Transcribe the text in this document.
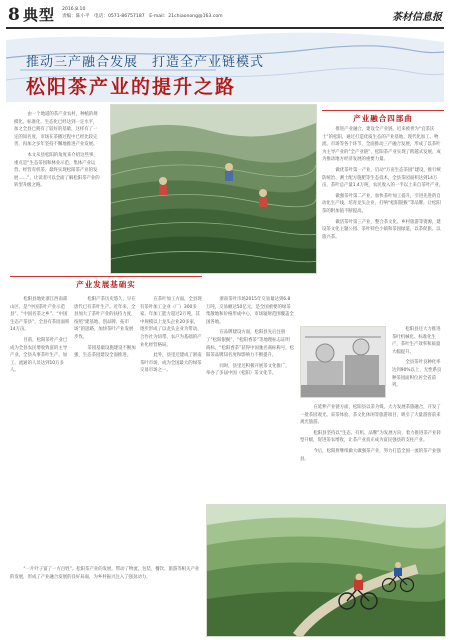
8 典型 2016.8.10
责编：陈小平　电话：0571-86757187　E-mail：21chiaonong@163.com	茶材信息报
推动三产融合发展　打造全产业链模式
松阳茶产业的提升之路

　由一个地道的茶产业农村，种植的规模化、标准化、生态化已经达到一定水平，加之全县已拥有了较好的基础，这样有了一定的知名度，市场在茶播过程中已经比较完善，再加之多年坚持不懈地推进产业发展。

　本文从县松阳的角度来介绍这些事，重点是“生态茶园和林业示范、集体产业运营、经营有机茶，最终实现松阳茶产业的发展……”，让读者可以全面了解松阳茶产业的转型升级之路。

产业融合四部曲

　推进产业融合，建设全产业链。近来被誉为“宜茶沃土”的松阳，通过打造优质生态的产业基地、现代化加工、物流、市场等各个环节，全面推动三产融合发展，形成了以茶叶为主导产业的“全产业链”，松阳茶产业实现了跨越式发展，成为推动地方经济发展的重要力量。

　做优茶叶第一产业，启动“万亩生态茶园”建设，推行统防统治、测土配方施肥等生态技术，全县茶园面积达到14万亩，茶叶总产量1.4万吨，农民收入的一半以上来自茶叶产业。

　做强茶叶第二产业，加快茶叶加工提升，引进先进的自动化生产线，培育龙头企业，打响“松阳银猴”等品牌，让松阳茶的附加值不断提高。

　做活茶叶第三产业，整合茶文化、乡村旅游等资源，建设茶文化主题公园、茶叶特色小镇和茶园绿道，以茶促旅、以旅兴茶。

产业发展基础实

　松阳县地处浙江西南部山区，是“中国茶叶产业示范县”、“中国名茶之乡”、“中国生态产茶县”，全县有茶园面积14万亩。

　目前，松阳茶叶产业已成为全县农民增收致富的主导产业，全县从事茶叶生产、加工、流通的人员达到10万多人。

　松阳产茶历史悠久，早在唐代已有茶叶生产。近年来，全县加大了茶叶产业的扶持力度，按照“建基地、创品牌、拓市场”的思路，加快茶叶产业发展步伐。

　茶园基础设施建设不断加强，生态茶园建设全面推进。

　在茶叶加工方面，全县现有茶叶加工企业（厂）300多家，年加工能力超过2万吨，其中规模以上龙头企业20多家，逐步形成了以龙头企业为带动、合作社为纽带、农户为基础的产业化经营格局。

　此外，县里还建成了浙南茶叶市场，成为全国最大的绿茶交易市场之一。

　浙南茶叶市场2015年交易量达到6.8万吨，交易额达50亿元，是全国重要的绿茶集散地和价格形成中心，市场辐射范围覆盖全国各地。

　在品牌建设方面，松阳县先后注册了“松阳银猴”、“松阳香茶”等地理标志证明商标，“松阳香茶”获得中国驰名商标称号，松阳茶品牌知名度和影响力不断提升。

　同时，县里还积极开展茶文化推广，举办了多届中国（松阳）茶文化节。

　松阳县还大力推进茶叶机械化、标准化生产，茶叶生产效率和质量大幅提升。

　全县茶叶良种化率达到90%以上，无性系良种茶园面积位居全省前列。

　在延伸产业链方面，松阳县以茶为媒，大力发展茶旅融合，开发了一批茶园观光、采茶体验、茶文化休闲等旅游项目，吸引了大量游客前来观光旅游。

　松阳县坚持以“生态、有机、品牌”为发展方向，着力推进茶产业转型升级，促进茶农增收，让茶产业真正成为富民强县的支柱产业。

　今后，松阳将继续做大做强茶产业，努力打造全国一流的茶产业强县。

　“一片叶子富了一方百姓”。松阳茶产业的发展，带动了物流、包装、餐饮、旅游等相关产业的发展，形成了产业融合发展的良好局面，为乡村振兴注入了强劲动力。
